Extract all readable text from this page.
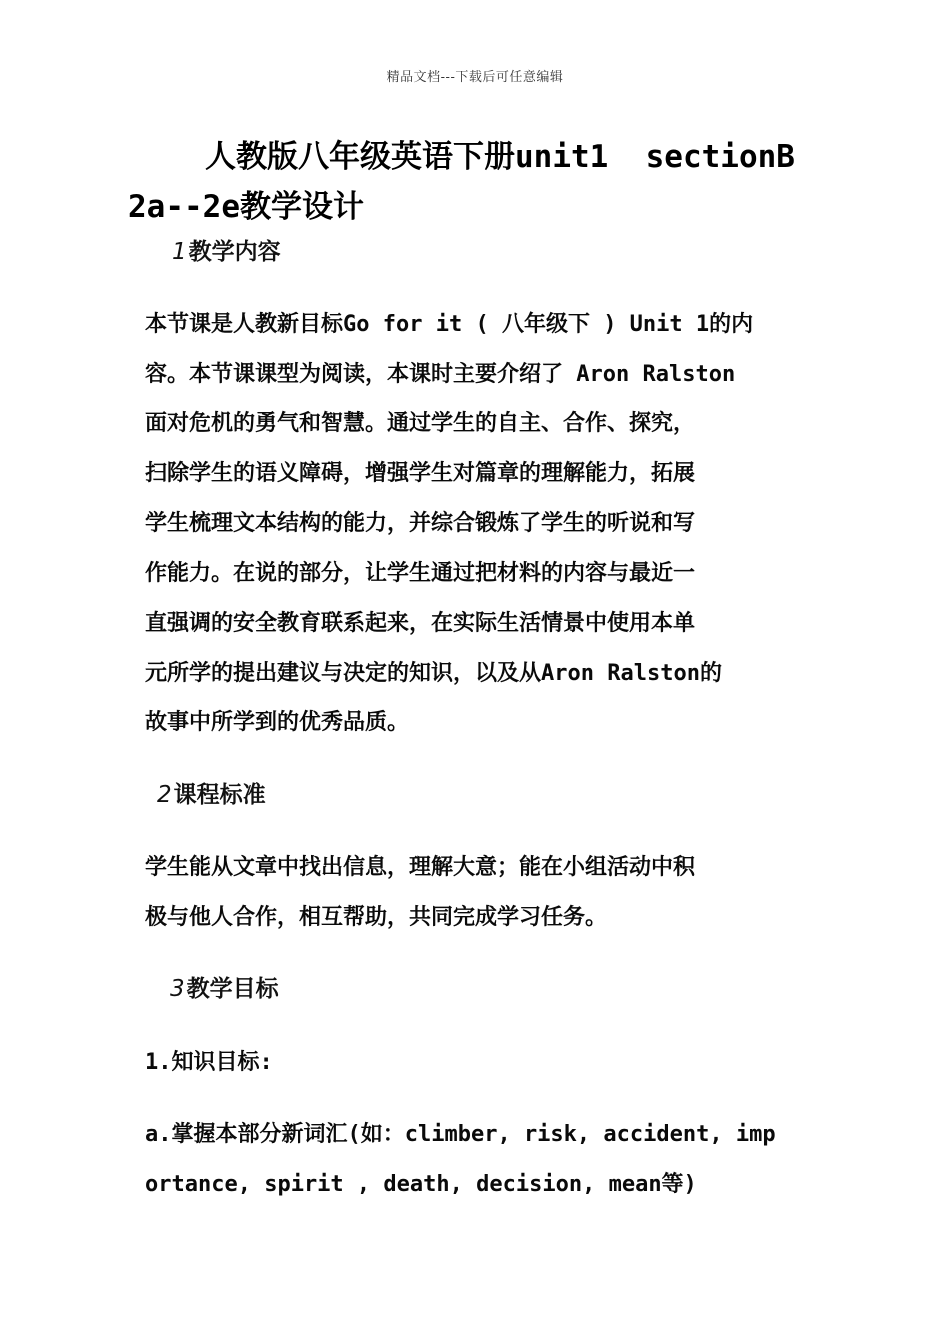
精品文档---下载后可任意编辑
人教版八年级英语下册unit1  sectionB
2a--2e教学设计
1教学内容
本节课是人教新目标Go for it ( 八年级下 ) Unit 1的内
容。本节课课型为阅读，本课时主要介绍了 Aron Ralston
面对危机的勇气和智慧。通过学生的自主、合作、探究，
扫除学生的语义障碍，增强学生对篇章的理解能力，拓展
学生梳理文本结构的能力，并综合锻炼了学生的听说和写
作能力。在说的部分，让学生通过把材料的内容与最近一
直强调的安全教育联系起来，在实际生活情景中使用本单
元所学的提出建议与决定的知识，以及从Aron Ralston的
故事中所学到的优秀品质。
2课程标准
学生能从文章中找出信息，理解大意；能在小组活动中积
极与他人合作，相互帮助，共同完成学习任务。
3教学目标
1.知识目标:
a.掌握本部分新词汇(如：climber, risk, accident, imp
ortance, spirit , death, decision, mean等)
